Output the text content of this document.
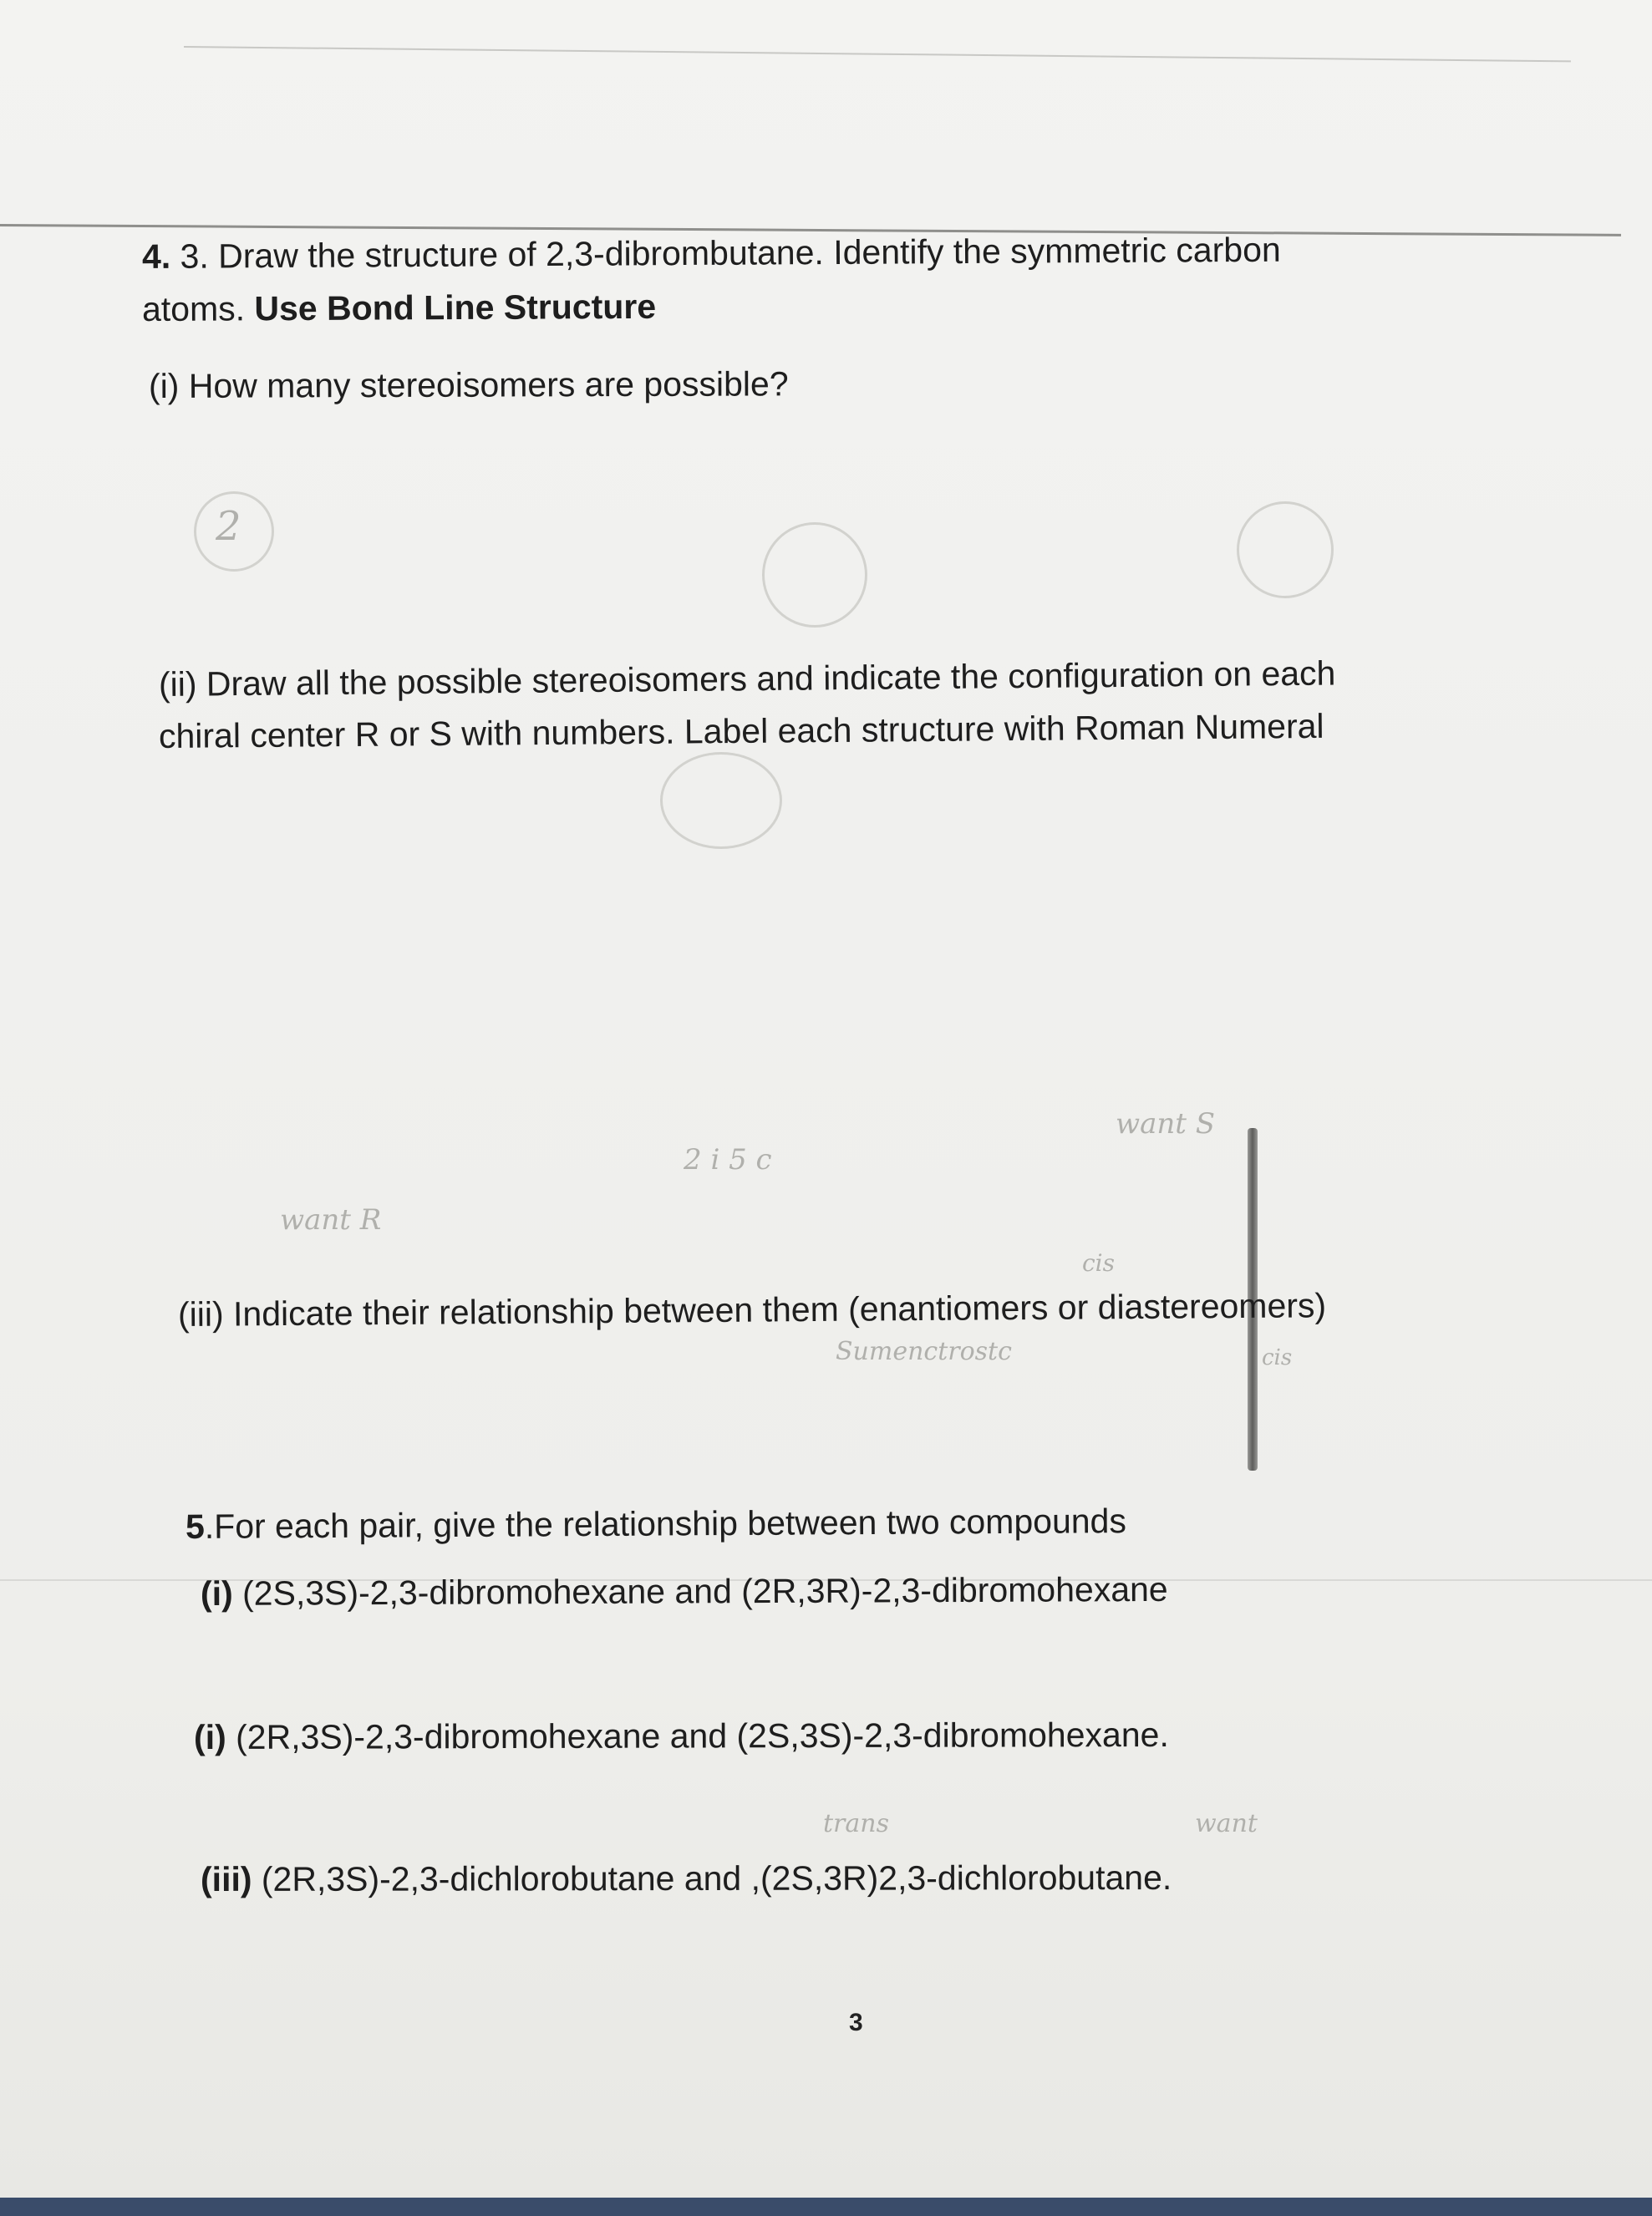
4. 3. Draw the structure of 2,3-dibrombutane. Identify the symmetric carbon
atoms. Use Bond Line Structure
(i) How many stereoisomers are possible?
2
(ii) Draw all the possible stereoisomers and indicate the configuration on each
chiral center R or S with numbers. Label each structure with Roman Numeral
2 i 5 c
want R
want S
cis
Sumenctrostc	cis
(iii) Indicate their relationship between them (enantiomers or diastereomers)
5.For each pair, give the relationship between two compounds
(i) (2S,3S)-2,3-dibromohexane and (2R,3R)-2,3-dibromohexane
(i) (2R,3S)-2,3-dibromohexane and (2S,3S)-2,3-dibromohexane.
trans	want
(iii) (2R,3S)-2,3-dichlorobutane and ,(2S,3R)2,3-dichlorobutane.
3
